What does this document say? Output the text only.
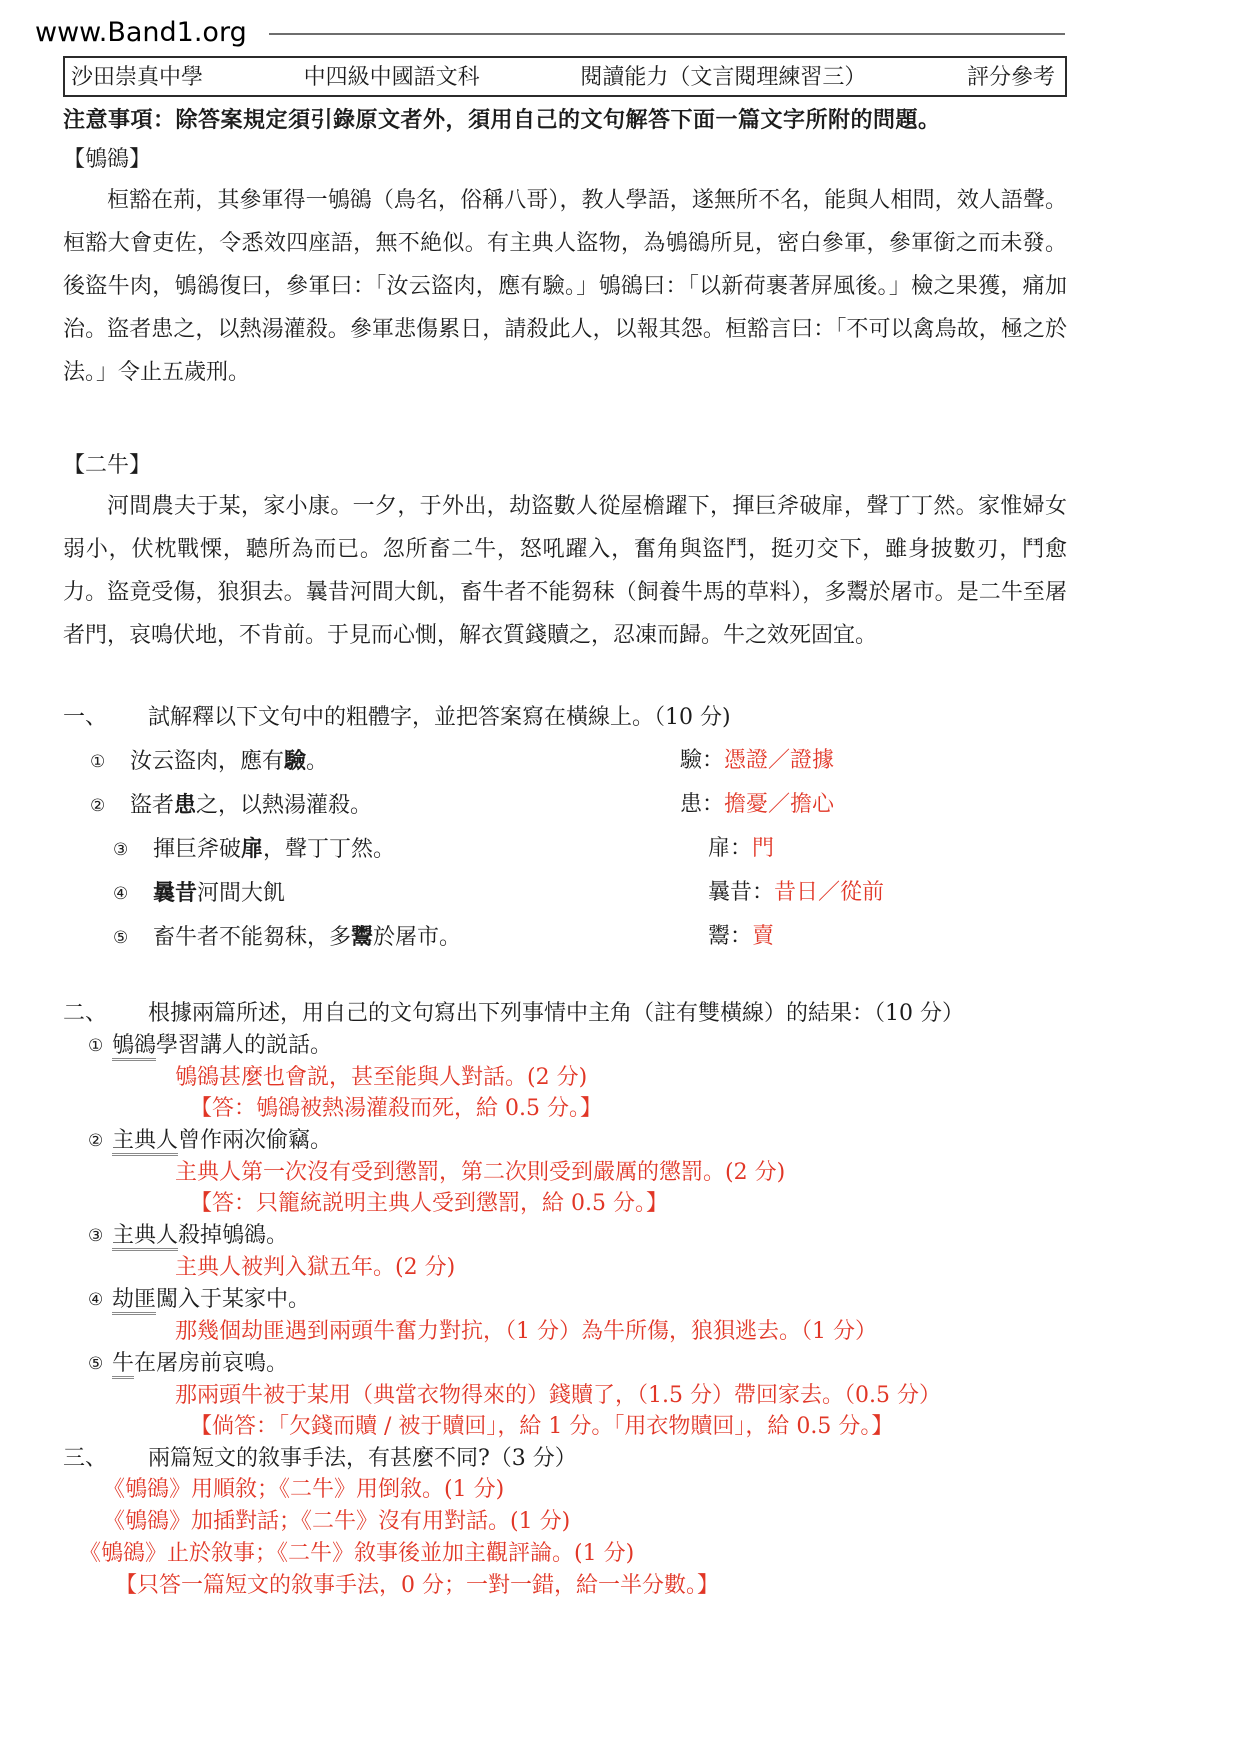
www.Band1.org
沙田崇真中學	中四級中國語文科	閱讀能力（文言閱理練習三）	評分參考
注意事項：除答案規定須引錄原文者外，須用自己的文句解答下面一篇文字所附的問題。
【鴝鵒】

桓豁在荊，其參軍得一鴝鵒（鳥名，俗稱八哥），教人學語，遂無所不名，能與人相問，效人語聲。桓豁大會吏佐，令悉效四座語，無不絶似。有主典人盜物，為鴝鵒所見，密白參軍，參軍銜之而未發。後盜牛肉，鴝鵒復曰，參軍曰：「汝云盜肉，應有驗。」鴝鵒曰：「以新荷裹著屏風後。」檢之果獲，痛加治。盜者患之，以熱湯灌殺。參軍悲傷累日，請殺此人，以報其怨。桓豁言曰：「不可以禽鳥故，極之於法。」令止五歲刑。

【二牛】

河間農夫于某，家小康。一夕，于外出，劫盜數人從屋檐躍下，揮巨斧破扉，聲丁丁然。家惟婦女弱小，伏枕戰慄，聽所為而已。忽所畜二牛，怒吼躍入，奮角與盜鬥，挺刃交下，雖身披數刃，鬥愈力。盜竟受傷，狼狽去。曩昔河間大飢，畜牛者不能芻秣（飼養牛馬的草料），多鬻於屠市。是二牛至屠者門，哀鳴伏地，不肯前。于見而心惻，解衣質錢贖之，忍凍而歸。牛之效死固宜。

一、 試解釋以下文句中的粗體字，並把答案寫在橫線上。（10 分)
① 汝云盜肉，應有驗。	驗：憑證／證據
② 盜者患之，以熱湯灌殺。	患：擔憂／擔心
③ 揮巨斧破扉，聲丁丁然。	扉：門
④ 曩昔河間大飢	曩昔：昔日／從前
⑤ 畜牛者不能芻秣，多鬻於屠市。	鬻：賣
二、 根據兩篇所述，用自己的文句寫出下列事情中主角（註有雙橫線）的結果：（10 分）
① 鴝鵒學習講人的説話。
鴝鵒甚麼也會説，甚至能與人對話。(2 分)
【答：鴝鵒被熱湯灌殺而死，給 0.5 分。】
② 主典人曾作兩次偷竊。
主典人第一次沒有受到懲罰，第二次則受到嚴厲的懲罰。(2 分)
【答：只籠統説明主典人受到懲罰，給 0.5 分。】
③ 主典人殺掉鴝鵒。
主典人被判入獄五年。(2 分)
④ 劫匪闖入于某家中。
那幾個劫匪遇到兩頭牛奮力對抗，（1 分）為牛所傷，狼狽逃去。（1 分）
⑤ 牛在屠房前哀鳴。
那兩頭牛被于某用（典當衣物得來的）錢贖了，（1.5 分）帶回家去。（0.5 分）
【倘答：「欠錢而贖 / 被于贖回」，給 1 分。「用衣物贖回」，給 0.5 分。】
三、 兩篇短文的敘事手法，有甚麼不同?（3 分）
《鴝鵒》用順敘；《二牛》用倒敘。(1 分)
《鴝鵒》加插對話；《二牛》沒有用對話。(1 分)
《鴝鵒》止於敘事；《二牛》敘事後並加主觀評論。(1 分)
【只答一篇短文的敘事手法，0 分；一對一錯，給一半分數。】
